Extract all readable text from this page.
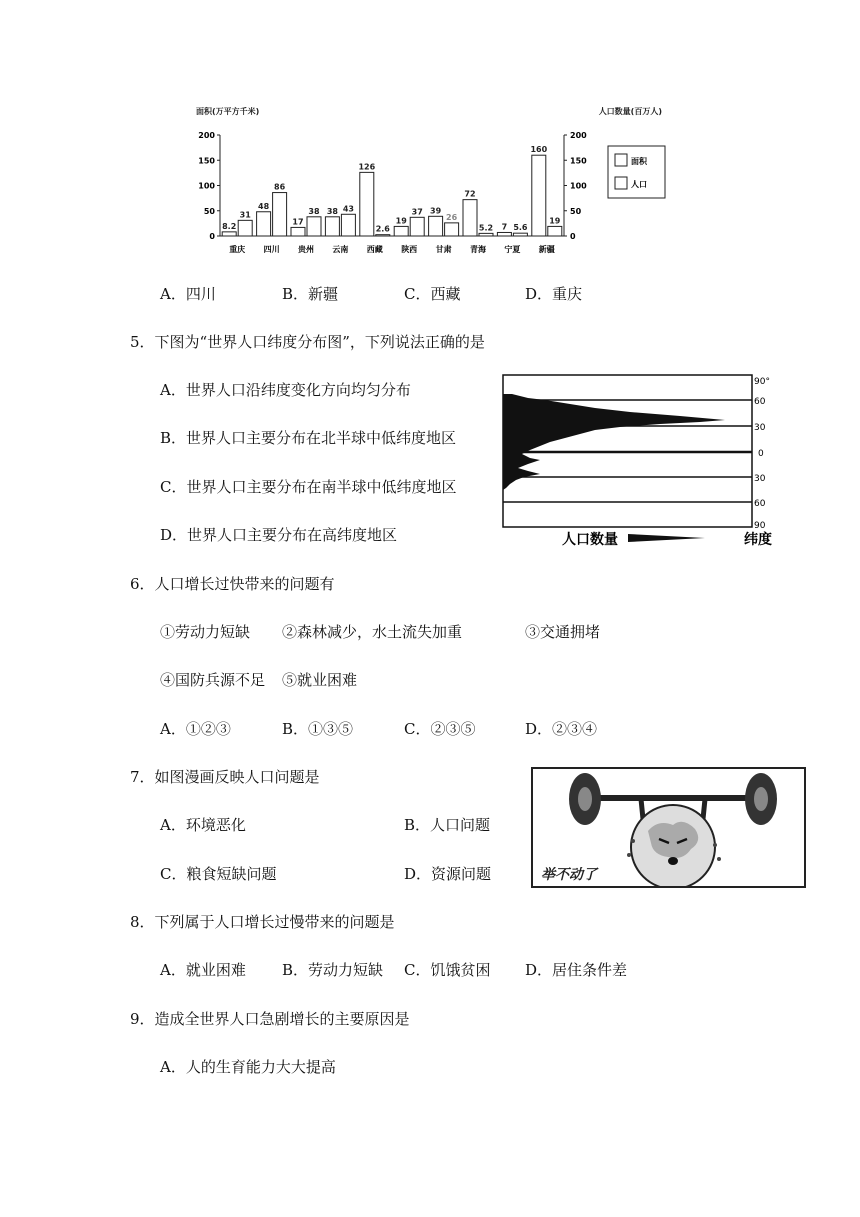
面积(万平方千米)	人口数量(百万人)
0	0
50	50
100	100
150	150
200	200
8.2
31
重庆
48
86
四川
17
38
贵州
38 43
云南
126
2.6
西藏
19
37
陕西
39
26
甘肃
72
5.2
青海
7 5.6
宁夏
160
19
新疆
面积
人口
A．四川	B．新疆	C．西藏	D．重庆
5．下图为“世界人口纬度分布图”，下列说法正确的是
A．世界人口沿纬度变化方向均匀分布
B．世界人口主要分布在北半球中低纬度地区
C．世界人口主要分布在南半球中低纬度地区
D．世界人口主要分布在高纬度地区
90°
60
30
0
30
60
90
人口数量	纬度
6．人口增长过快带来的问题有
①劳动力短缺 ②森林减少，水土流失加重	③交通拥堵
④国防兵源不足 ⑤就业困难
A．①②③	B．①③⑤	C．②③⑤	D．②③④
7．如图漫画反映人口问题是
A．环境恶化	B．人口问题
C．粮食短缺问题	D．资源问题	举不动了
8．下列属于人口增长过慢带来的问题是
A．就业困难 B．劳动力短缺 C．饥饿贫困 D．居住条件差
9．造成全世界人口急剧增长的主要原因是
A．人的生育能力大大提高
